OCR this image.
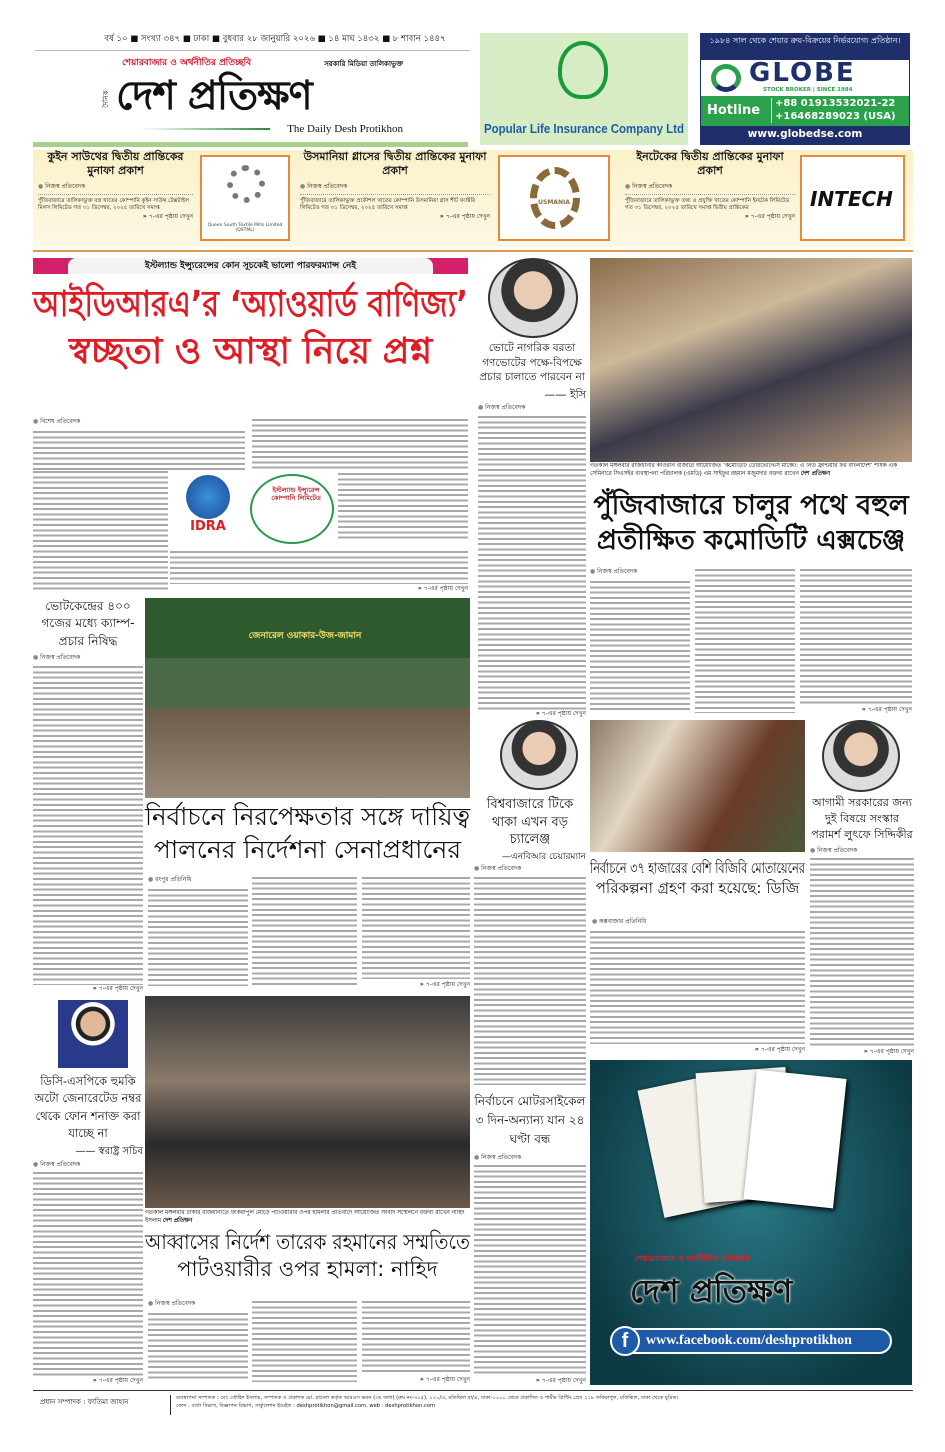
বর্ষ ১০ ■ সংখ্যা ৩৪৭ ■ ঢাকা ■ বুধবার ২৮ জানুয়ারি ২০২৬ ■ ১৪ মাঘ ১৪৩২ ■ ৮ শাবান ১৪৪৭
শেয়ারবাজার ও অর্থনীতির প্রতিচ্ছবি	সরকারি মিডিয়া তালিকাভুক্ত
দৈনিক দেশ প্রতিক্ষণ
The Daily Desh Protikhon	Popular Life Insurance Company Ltd
১৯৮৪ সাল থেকে শেয়ার ক্রয়-বিক্রয়ের নির্ভরযোগ্য প্রতিষ্ঠান।
GLOBE
STOCK BROKER | SINCE 1984
Hotline +88 01913532021-22
+16468289023 (USA)
www.globedse.com
কুইন সাউথের দ্বিতীয় প্রান্তিকের মুনাফা প্রকাশ
● নিজস্ব প্রতিবেদক
পুঁজিবাজারে তালিকাভুক্ত বস্ত্র খাতের কোম্পানি কুইন সাউথ টেক্সটাইল মিলস লিমিটেড গত ৩১ ডিসেম্বর, ২০২৫ তারিখে সমাপ্ত
» ৭-এর পৃষ্ঠায় দেখুন
Queen South Textile Mills Limited (QSTML)
উসমানিয়া গ্লাসের দ্বিতীয় প্রান্তিকের মুনাফা প্রকাশ
● নিজস্ব প্রতিবেদক
পুঁজিবাজারে তালিকাভুক্ত প্রকৌশল খাতের কোম্পানি উসমানিয়া গ্লাস শীট ফ্যাক্টরি লিমিটেড গত ৩১ ডিসেম্বর, ২০২৫ তারিখে সমাপ্ত
» ৭-এর পৃষ্ঠায় দেখুন
USMANIA
ইনটেকের দ্বিতীয় প্রান্তিকের মুনাফা প্রকাশ
● নিজস্ব প্রতিবেদক
পুঁজিবাজারে তালিকাভুক্ত তথ্য ও প্রযুক্তি খাতের কোম্পানি ইনটেক লিমিটেড গত ৩১ ডিসেম্বর, ২০২৫ তারিখে সমাপ্ত দ্বিতীয় প্রান্তিকের
» ৭-এর পৃষ্ঠায় দেখুন
INTECH
ইস্টল্যান্ড ইন্স্যুরেন্সের কোন সূচকেই ভালো পারফরম্যান্স নেই
আইডিআরএ’র ‘অ্যাওয়ার্ড বাণিজ্য’
স্বচ্ছতা ও আস্থা নিয়ে প্রশ্ন
● বিশেষ প্রতিবেদক
IDRA
ইস্টল্যান্ড ইন্স্যুরেন্স কোম্পানি লিমিটেড
» ৭-এর পৃষ্ঠায় দেখুন
ভোটে নাগরিক বরতা গণভোটের পক্ষে-বিপক্ষে প্রচার চালাতে পারবেন না
—— ইসি
● নিজস্ব প্রতিবেদক
» ৭-এর পৃষ্ঠায় দেখুন
গতকাল মঙ্গলবার রাজধানীর কাওরান বাজারে আয়োজিত ‘কমোডিটি ডেরিভেটিভস মার্কেট: এ নিউ ফ্রন্টিয়ার ফর বাংলাদেশ’ শীর্ষক এক সেমিনারে সিএসইর ব্যবস্থাপনা পরিচালক (এমডি) এম সাইফুর রহমান মজুমদার বক্তব্য রাখেন দেশ প্রতিক্ষণ
পুঁজিবাজারে চালুর পথে বহুল
প্রতীক্ষিত কমোডিটি এক্সচেঞ্জ
● নিজস্ব প্রতিবেদক
» ৭-এর পৃষ্ঠায় দেখুন
ভোটকেন্দ্রের ৪০০ গজের মধ্যে ক্যাম্প-প্রচার নিষিদ্ধ
● নিজস্ব প্রতিবেদক
» ৭-এর পৃষ্ঠায় দেখুন
জেনারেল ওয়াকার-উজ-জামান
নির্বাচনে নিরপেক্ষতার সঙ্গে দায়িত্ব
পালনের নির্দেশনা সেনাপ্রধানের
● রংপুর প্রতিনিধি
» ৭-এর পৃষ্ঠায় দেখুন
বিশ্ববাজারে টিকে থাকা এখন বড় চ্যালেঞ্জ
—এনবিআর চেয়ারম্যান
● নিজস্ব প্রতিবেদক	নির্বাচনে ৩৭ হাজারের বেশি বিজিবি মোতায়েনের
পরিকল্পনা গ্রহণ করা হয়েছে: ডিজি
● কক্সবাজার প্রতিনিধি
» ৭-এর পৃষ্ঠায় দেখুন
আগামী সরকারের জন্য দুই বিষয়ে সংস্কার পরামর্শ লুৎফে সিদ্দিকীর
● নিজস্ব প্রতিবেদক
» ৭-এর পৃষ্ঠায় দেখুন
ডিসি-এসপিকে হুমকি অটো জেনারেটেড নম্বর থেকে ফোন শনাক্ত করা যাচ্ছে না
—— স্বরাষ্ট্র সচিব
● নিজস্ব প্রতিবেদক
» ৭-এর পৃষ্ঠায় দেখুন
গতকাল মঙ্গলবার ঢাকার রাজধানীতে ফকিরাপুল মোড়ে পাটওয়ারীর ওপর হামলার প্রতিবাদে আয়োজিত সংবাদ সম্মেলনে বক্তব্য রাখেন নাহিদ ইসলাম দেশ প্রতিক্ষণ
আব্বাসের নির্দেশ তারেক রহমানের সম্মতিতে
পাটওয়ারীর ওপর হামলা: নাহিদ
● নিজস্ব প্রতিবেদক
» ৭-এর পৃষ্ঠায় দেখুন
নির্বাচনে মোটরসাইকেল ৩ দিন-অন্যান্য যান ২৪ ঘণ্টা বন্ধ
● নিজস্ব প্রতিবেদক
» ৭-এর পৃষ্ঠায় দেখুন
শেয়ারবাজার ও অর্থনীতির প্রতিচ্ছবি
দেশ প্রতিক্ষণ
f	www.facebook.com/deshprotikhon
প্রধান সম্পাদক : ফাতিমা জাহান	ব্যবস্থাপনা সম্পাদক : মো: তৌহিদ ইসলাম, সম্পাদক ও প্রকাশক মো. রাসেল কর্তৃক আরএস ভবন (৩য় তলা) (রুম নং-৩০৫), ১২০/এ, মতিঝিল বা/এ, ঢাকা-১০০০ থেকে প্রকাশিত ও শামীম প্রিন্টিং প্রেস ২১৮ ফকিরাপুল, মতিঝিল, ঢাকা থেকে মুদ্রিত।
ফোন : বার্তা বিভাগ, বিজ্ঞাপন বিভাগ, সার্কুলেশন ইমেইল : deshprotikhon@gmail.com, web : deshprotikhon.com
